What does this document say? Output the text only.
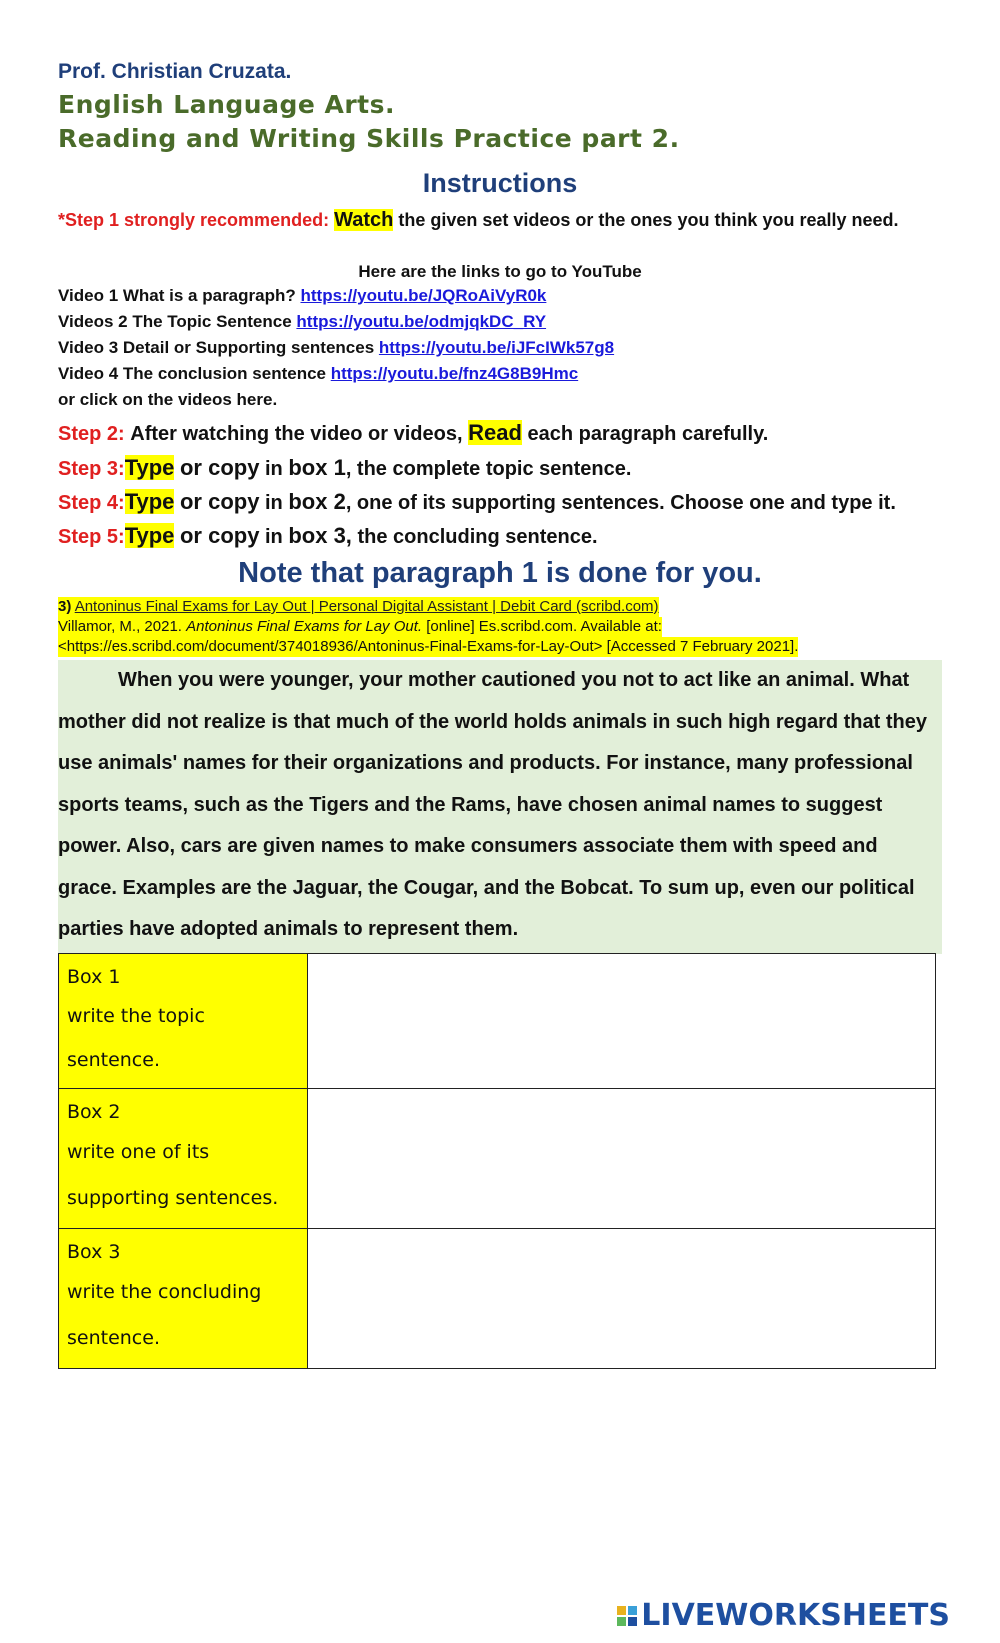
Prof. Christian Cruzata.
English Language Arts.
Reading and Writing Skills Practice part 2.
Instructions
*Step 1 strongly recommended: Watch the given set videos or the ones you think you really need.
Here are the links to go to YouTube
Video 1 What is a paragraph? https://youtu.be/JQRoAiVyR0k
Videos 2 The Topic Sentence https://youtu.be/odmjqkDC_RY
Video 3 Detail or Supporting sentences https://youtu.be/iJFcIWk57g8
Video 4 The conclusion sentence https://youtu.be/fnz4G8B9Hmc
or click on the videos here.
Step 2: After watching the video or videos, Read each paragraph carefully.
Step 3:Type or copy in box 1, the complete topic sentence.
Step 4:Type or copy in box 2, one of its supporting sentences. Choose one and type it.
Step 5:Type or copy in box 3, the concluding sentence.
Note that paragraph 1 is done for you.
3) Antoninus Final Exams for Lay Out | Personal Digital Assistant | Debit Card (scribd.com)
Villamor, M., 2021. Antoninus Final Exams for Lay Out. [online] Es.scribd.com. Available at:
<https://es.scribd.com/document/374018936/Antoninus-Final-Exams-for-Lay-Out> [Accessed 7 February 2021].

When you were younger, your mother cautioned you not to act like an animal. What mother did not realize is that much of the world holds animals in such high regard that they use animals' names for their organizations and products. For instance, many professional sports teams, such as the Tigers and the Rams, have chosen animal names to suggest power. Also, cars are given names to make consumers associate them with speed and grace. Examples are the Jaguar, the Cougar, and the Bobcat. To sum up, even our political parties have adopted animals to represent them.

Box 1
write the topic sentence.	

Box 2
write one of its supporting sentences.	

Box 3
write the concluding sentence.	

LIVEWORKSHEETS
